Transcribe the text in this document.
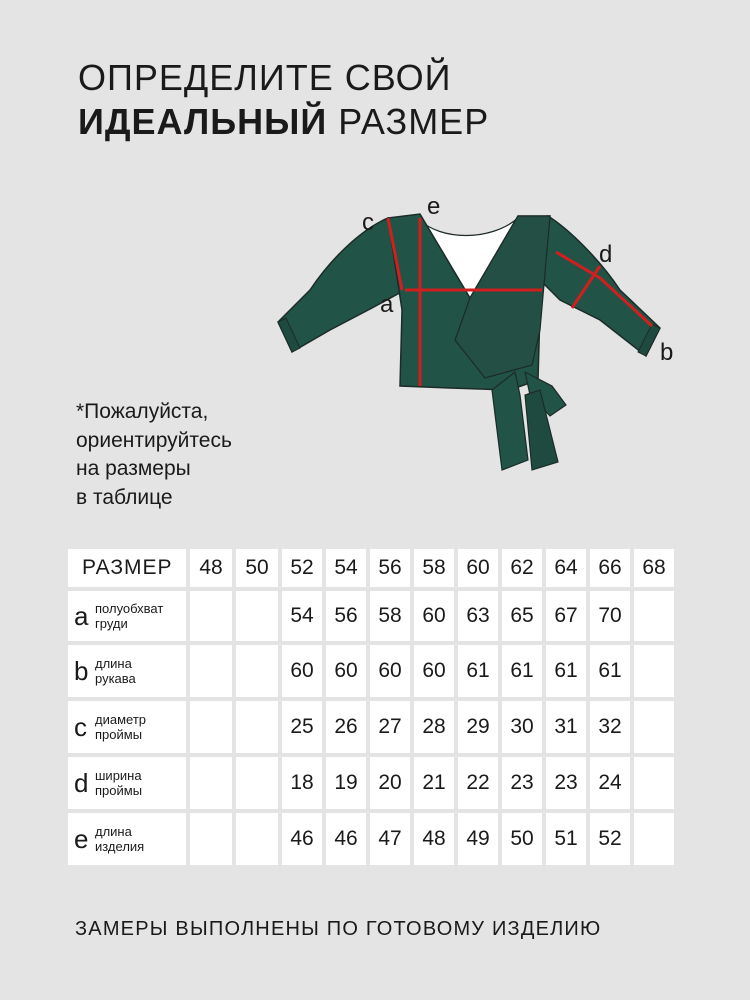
ОПРЕДЕЛИТЕ СВОЙ
ИДЕАЛЬНЫЙ РАЗМЕР
c
e
a
d
b
*Пожалуйста,
ориентируйтесь
на размеры
в таблице
РАЗМЕР	48	50	52	54	56	58	60	62	64	66	68

a полуобхват
груди			54	56	58	60	63	65	67	70	

b длина
рукава			60	60	60	60	61	61	61	61	

c диаметр
проймы			25	26	27	28	29	30	31	32	

d ширина
проймы			18	19	20	21	22	23	23	24	

e длина
изделия			46	46	47	48	49	50	51	52	
ЗАМЕРЫ ВЫПОЛНЕНЫ ПО ГОТОВОМУ ИЗДЕЛИЮ
